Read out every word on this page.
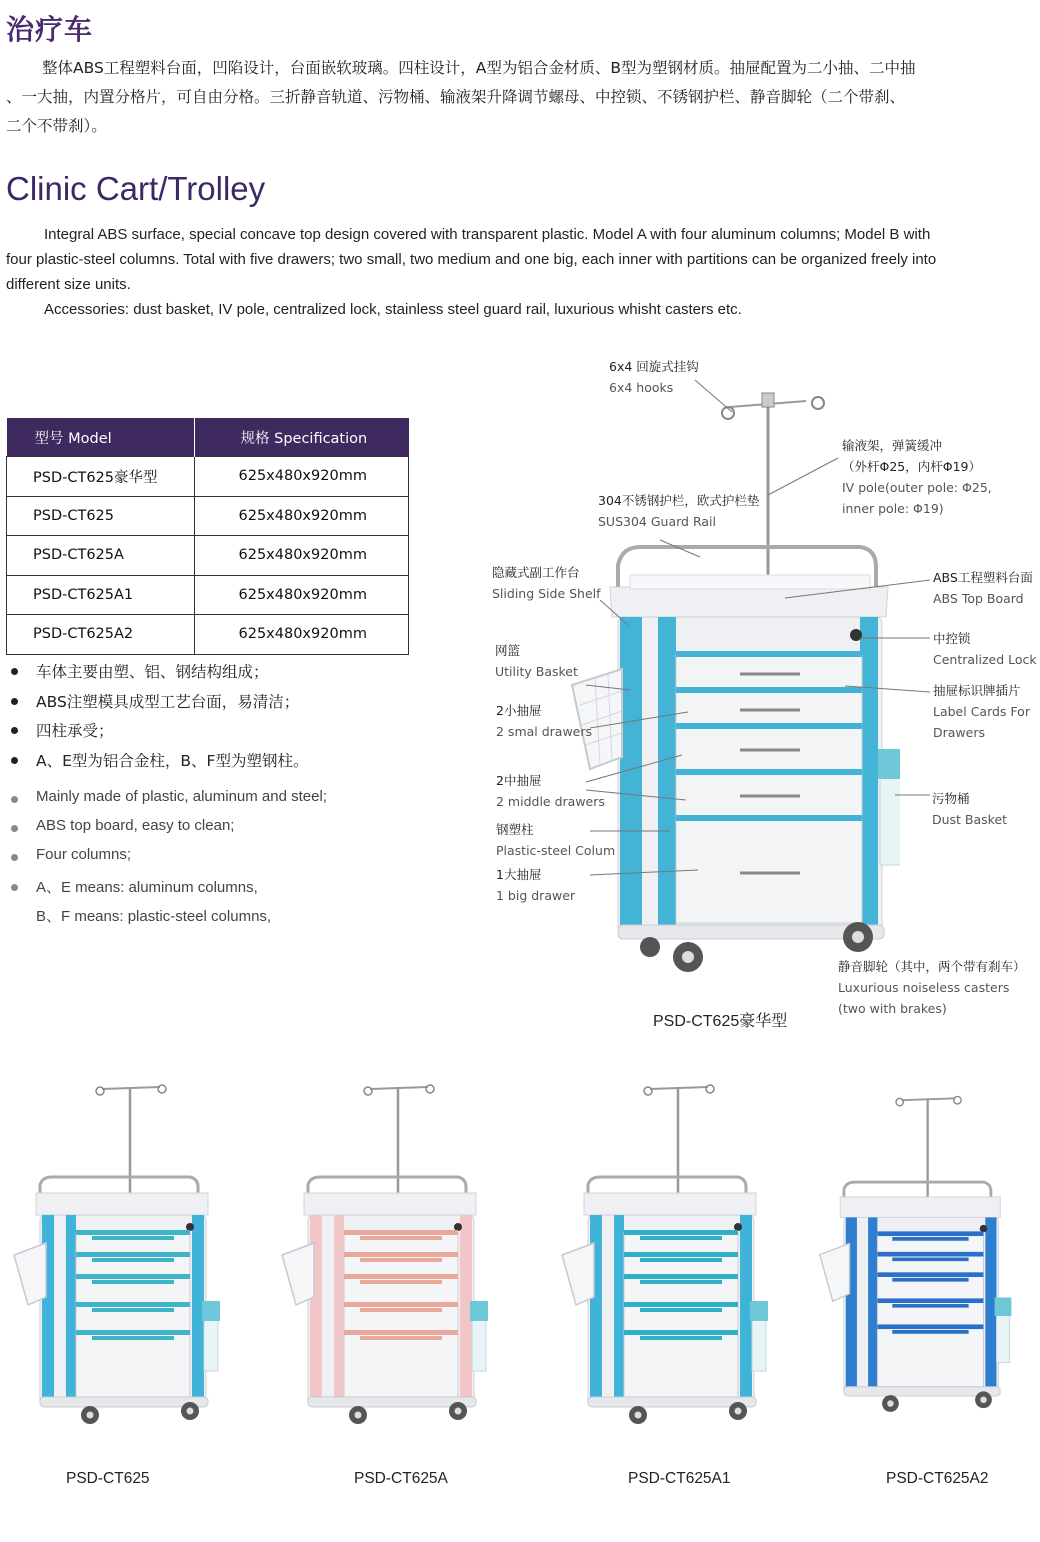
治疗车
整体ABS工程塑料台面，凹陷设计，台面嵌软玻璃。四柱设计，A型为铝合金材质、B型为塑钢材质。抽屉配置为二小抽、二中抽
、一大抽，内置分格片，可自由分格。三折静音轨道、污物桶、输液架升降调节螺母、中控锁、不锈钢护栏、静音脚轮（二个带刹、
二个不带刹）。
Clinic Cart/Trolley
Integral ABS surface, special concave top design covered with transparent plastic. Model A with four aluminum columns; Model B with
four plastic-steel columns. Total with five drawers; two small, two medium and one big, each inner with partitions can be organized freely into
different size units.
Accessories: dust basket, IV pole, centralized lock, stainless steel guard rail, luxurious whisht casters etc.
型号 Model	规格 Specification
PSD-CT625豪华型	625x480x920mm
PSD-CT625	625x480x920mm
PSD-CT625A	625x480x920mm
PSD-CT625A1	625x480x920mm
PSD-CT625A2	625x480x920mm
车体主要由塑、铝、钢结构组成；
ABS注塑模具成型工艺台面，易清洁；
四柱承受；
A、E型为铝合金柱，B、F型为塑钢柱。
Mainly made of plastic, aluminum and steel;
ABS top board, easy to clean;
Four columns;
A、E means: aluminum columns,
B、F means: plastic-steel columns,
6x4 回旋式挂钩
6x4 hooks
输液架，弹簧缓冲
（外杆Φ25，内杆Φ19）
IV pole(outer pole: Φ25,
inner pole: Φ19)
304不锈钢护栏，欧式护栏垫
SUS304 Guard Rail
隐藏式副工作台
Sliding Side Shelf
ABS工程塑料台面
ABS Top Board
中控锁
Centralized Lock
网篮
Utility Basket
抽屉标识牌插片
Label Cards For
Drawers
2小抽屉
2 smal drawers
2中抽屉
2 middle drawers	污物桶
Dust Basket
钢塑柱
Plastic-steel Colum
1大抽屉
1 big drawer
静音脚轮（其中，两个带有刹车）
Luxurious noiseless casters
(two with brakes)
PSD-CT625豪华型
PSD-CT625	PSD-CT625A	PSD-CT625A1	PSD-CT625A2
